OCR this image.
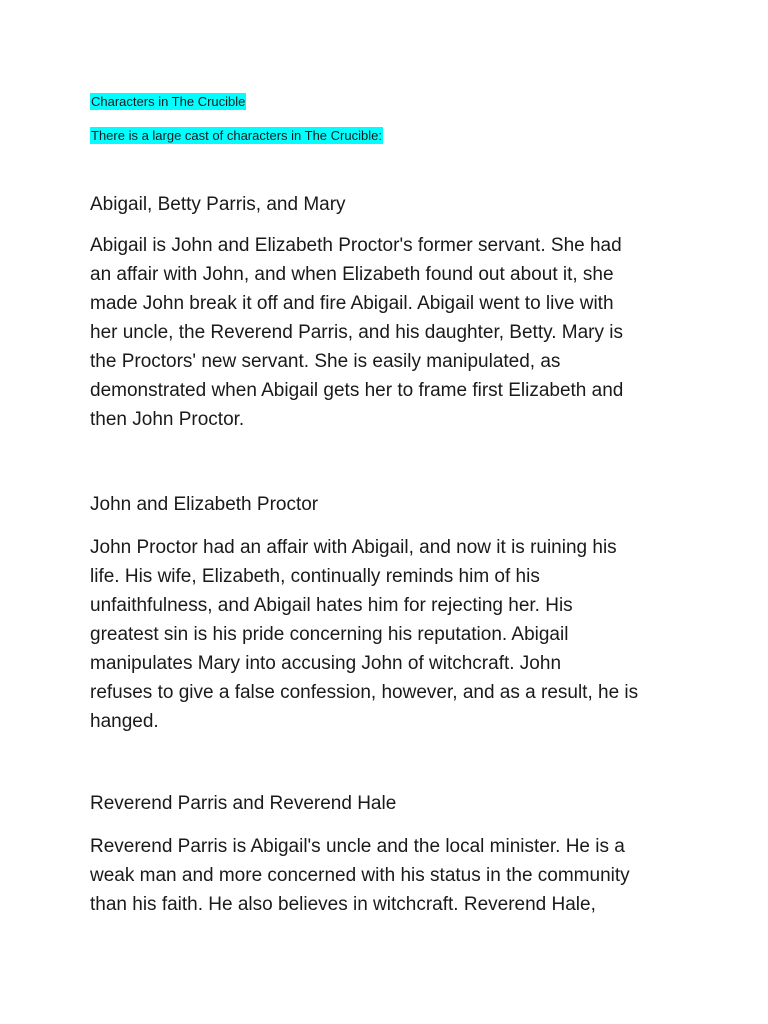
Characters in The Crucible
There is a large cast of characters in The Crucible:
Abigail, Betty Parris, and Mary
Abigail is John and Elizabeth Proctor's former servant. She had
an affair with John, and when Elizabeth found out about it, she
made John break it off and fire Abigail. Abigail went to live with
her uncle, the Reverend Parris, and his daughter, Betty. Mary is
the Proctors' new servant. She is easily manipulated, as
demonstrated when Abigail gets her to frame first Elizabeth and
then John Proctor.
John and Elizabeth Proctor
John Proctor had an affair with Abigail, and now it is ruining his
life. His wife, Elizabeth, continually reminds him of his
unfaithfulness, and Abigail hates him for rejecting her. His
greatest sin is his pride concerning his reputation. Abigail
manipulates Mary into accusing John of witchcraft. John
refuses to give a false confession, however, and as a result, he is
hanged.
Reverend Parris and Reverend Hale
Reverend Parris is Abigail's uncle and the local minister. He is a
weak man and more concerned with his status in the community
than his faith. He also believes in witchcraft. Reverend Hale,
